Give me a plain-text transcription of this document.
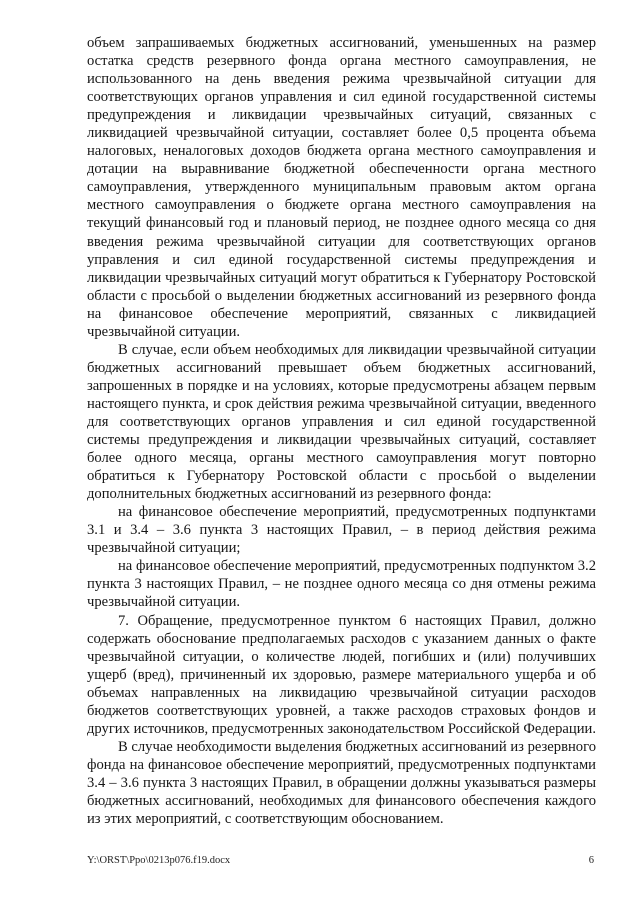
объем запрашиваемых бюджетных ассигнований, уменьшенных на размер остатка средств резервного фонда органа местного самоуправления, не использованного на день введения режима чрезвычайной ситуации для соответствующих органов управления и сил единой государственной системы предупреждения и ликвидации чрезвычайных ситуаций, связанных с ликвидацией чрезвычайной ситуации, составляет более 0,5 процента объема налоговых, неналоговых доходов бюджета органа местного самоуправления и дотации на выравнивание бюджетной обеспеченности органа местного самоуправления, утвержденного муниципальным правовым актом органа местного самоуправления о бюджете органа местного самоуправления на текущий финансовый год и плановый период, не позднее одного месяца со дня введения режима чрезвычайной ситуации для соответствующих органов управления и сил единой государственной системы предупреждения и ликвидации чрезвычайных ситуаций могут обратиться к Губернатору Ростовской области с просьбой о выделении бюджетных ассигнований из резервного фонда на финансовое обеспечение мероприятий, связанных с ликвидацией чрезвычайной ситуации.

В случае, если объем необходимых для ликвидации чрезвычайной ситуации бюджетных ассигнований превышает объем бюджетных ассигнований, запрошенных в порядке и на условиях, которые предусмотрены абзацем первым настоящего пункта, и срок действия режима чрезвычайной ситуации, введенного для соответствующих органов управления и сил единой государственной системы предупреждения и ликвидации чрезвычайных ситуаций, составляет более одного месяца, органы местного самоуправления могут повторно обратиться к Губернатору Ростовской области с просьбой о выделении дополнительных бюджетных ассигнований из резервного фонда:

на финансовое обеспечение мероприятий, предусмотренных подпунктами 3.1 и 3.4 – 3.6 пункта 3 настоящих Правил, – в период действия режима чрезвычайной ситуации;

на финансовое обеспечение мероприятий, предусмотренных подпунктом 3.2 пункта 3 настоящих Правил, – не позднее одного месяца со дня отмены режима чрезвычайной ситуации.

7. Обращение, предусмотренное пунктом 6 настоящих Правил, должно содержать обоснование предполагаемых расходов с указанием данных о факте чрезвычайной ситуации, о количестве людей, погибших и (или) получивших ущерб (вред), причиненный их здоровью, размере материального ущерба и об объемах направленных на ликвидацию чрезвычайной ситуации расходов бюджетов соответствующих уровней, а также расходов страховых фондов и других источников, предусмотренных законодательством Российской Федерации.

В случае необходимости выделения бюджетных ассигнований из резервного фонда на финансовое обеспечение мероприятий, предусмотренных подпунктами 3.4 – 3.6 пункта 3 настоящих Правил, в обращении должны указываться размеры бюджетных ассигнований, необходимых для финансового обеспечения каждого из этих мероприятий, с соответствующим обоснованием.

Y:\ORST\Ppo\0213p076.f19.docx	6
